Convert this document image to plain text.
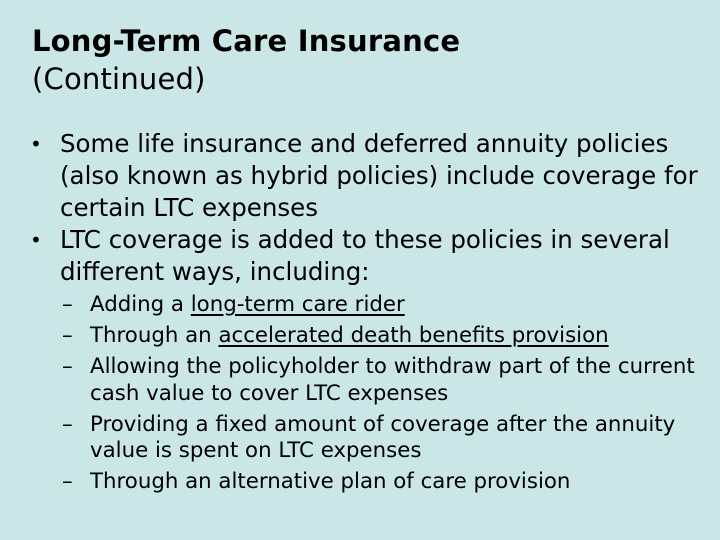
Long-Term Care Insurance
(Continued)
• Some life insurance and deferred annuity policies (also known as hybrid policies) include coverage for certain LTC expenses
• LTC coverage is added to these policies in several different ways, including:
– Adding a long-term care rider
– Through an accelerated death benefits provision
– Allowing the policyholder to withdraw part of the current cash value to cover LTC expenses
– Providing a fixed amount of coverage after the annuity value is spent on LTC expenses
– Through an alternative plan of care provision
